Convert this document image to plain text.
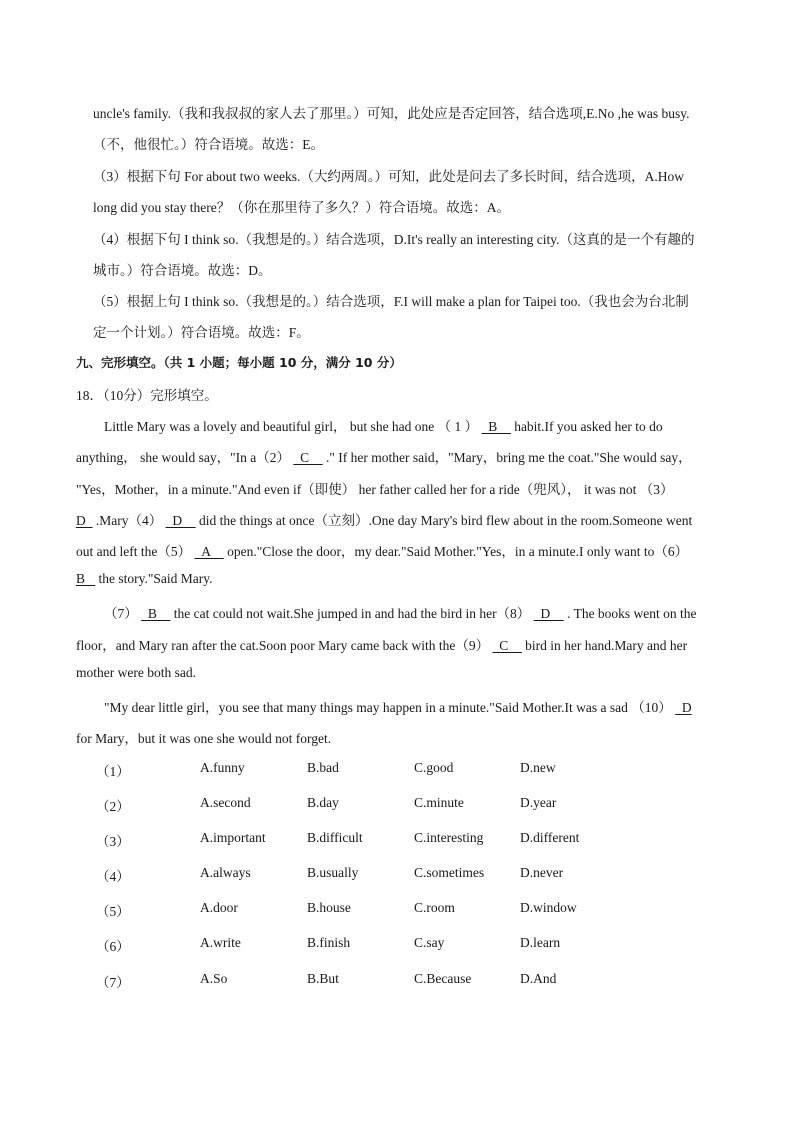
uncle's family.（我和我叔叔的家人去了那里。）可知，此处应是否定回答，结合选项,E.No ,he was busy.
（不，他很忙。）符合语境。故选：E。
（3）根据下句 For about two weeks.（大约两周。）可知，此处是问去了多长时间，结合选项，A.How
long did you stay there？（你在那里待了多久？）符合语境。故选：A。
（4）根据下句 I think so.（我想是的。）结合选项，D.It's really an interesting city.（这真的是一个有趣的
城市。）符合语境。故选：D。
（5）根据上句 I think so.（我想是的。）结合选项，F.I will make a plan for Taipei too.（我也会为台北制
定一个计划。）符合语境。故选：F。
九、完形填空。（共 1 小题；每小题 10 分，满分 10 分）
18．（10分）完形填空。
Little Mary was a lovely and beautiful girl， but she had one （ 1 ）   B     habit.If you asked her to do
anything， she would say，"In a（2）   C     ." If her mother said，"Mary，bring me the coat."She would say，
"Yes，Mother，in a minute."And even if（即使） her father called her for a ride（兜风）， it was not （3）
D   .Mary（4）   D     did the things at once（立刻）.One day Mary's bird flew about in the room.Someone went
out and left the（5）   A     open."Close the door，my dear."Said Mother."Yes，in a minute.I only want to（6）
B    the story."Said Mary.
（7）   B     the cat could not wait.She jumped in and had the bird in her（8）   D     . The books went on the
floor，and Mary ran after the cat.Soon poor Mary came back with the（9）   C     bird in her hand.Mary and her
mother were both sad.
"My dear little girl，you see that many things may happen in a minute."Said Mother.It was a sad （10）   D
for Mary，but it was one she would not forget.
（1）	A.funny	B.bad	C.good	D.new
（2）	A.second	B.day	C.minute	D.year
（3）	A.important	B.difficult	C.interesting	D.different
（4）	A.always	B.usually	C.sometimes	D.never
（5）	A.door	B.house	C.room	D.window
（6）	A.write	B.finish	C.say	D.learn
（7）	A.So	B.But	C.Because	D.And
